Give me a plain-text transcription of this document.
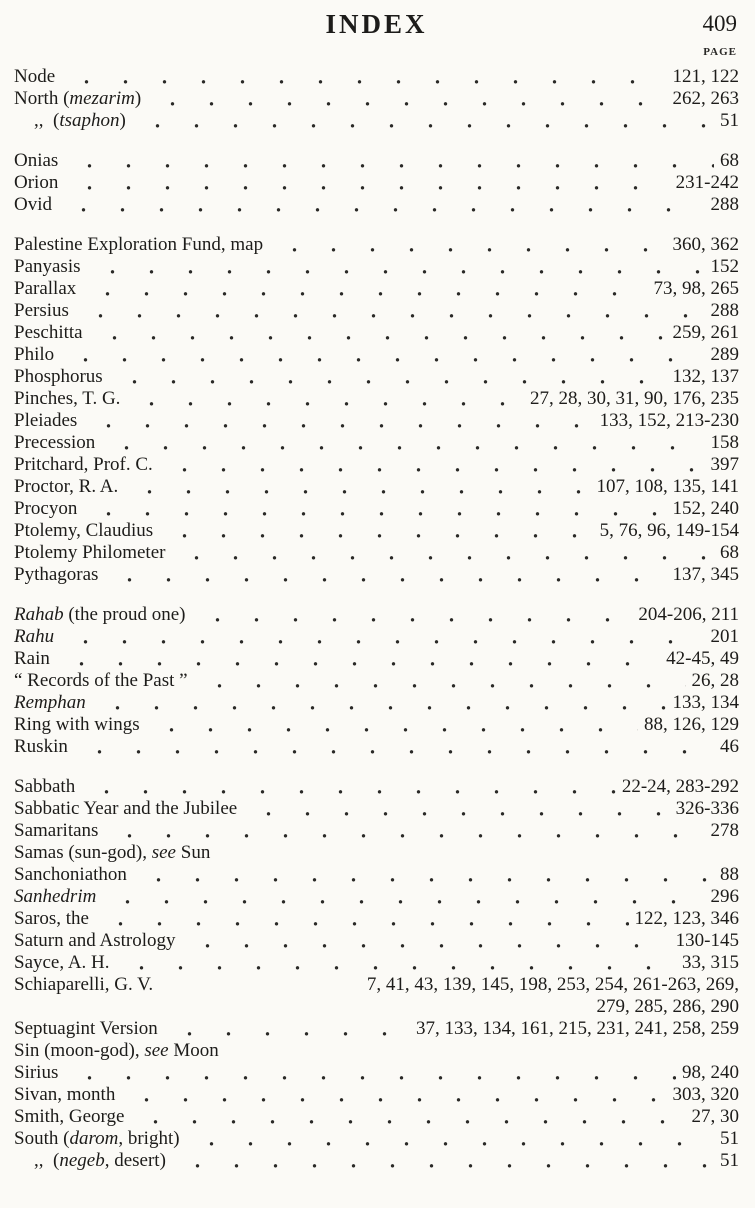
INDEX	409
PAGE
Node	121, 122
North (mezarim)	262, 263
,,  (tsaphon)	51
Onias	68
Orion	231-242
Ovid	288
Palestine Exploration Fund, map	360, 362
Panyasis	152
Parallax	73, 98, 265
Persius	288
Peschitta	259, 261
Philo	289
Phosphorus	132, 137
Pinches, T. G.	27, 28, 30, 31, 90, 176, 235
Pleiades	133, 152, 213-230
Precession	158
Pritchard, Prof. C.	397
Proctor, R. A.	107, 108, 135, 141
Procyon	152, 240
Ptolemy, Claudius	5, 76, 96, 149-154
Ptolemy Philometer	68
Pythagoras	137, 345
Rahab (the proud one)	204-206, 211
Rahu	201
Rain	42-45, 49
“ Records of the Past ”	26, 28
Remphan	133, 134
Ring with wings	88, 126, 129
Ruskin	46
Sabbath	22-24, 283-292
Sabbatic Year and the Jubilee	326-336
Samaritans	278
Samas (sun-god), see Sun
Sanchoniathon	88
Sanhedrim	296
Saros, the	122, 123, 346
Saturn and Astrology	130-145
Sayce, A. H.	33, 315
Schiaparelli, G. V.	7, 41, 43, 139, 145, 198, 253, 254, 261-263, 269,
279, 285, 286, 290
Septuagint Version	37, 133, 134, 161, 215, 231, 241, 258, 259
Sin (moon-god), see Moon
Sirius	98, 240
Sivan, month	303, 320
Smith, George	27, 30
South (darom, bright)	51
,,  (negeb, desert)	51
